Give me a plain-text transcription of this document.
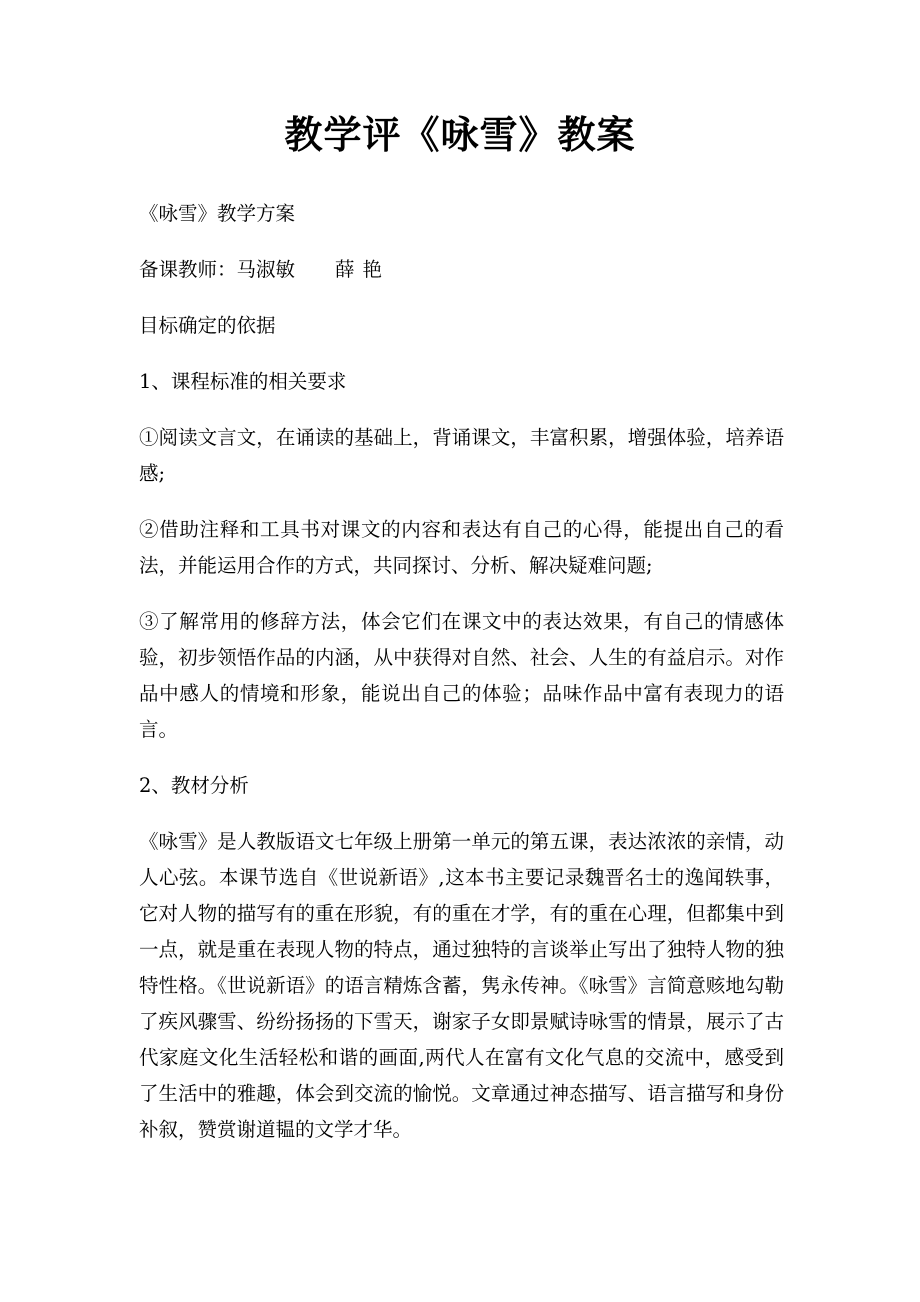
教学评《咏雪》教案

《咏雪》教学方案

备课教师：马淑敏 薛 艳

目标确定的依据

1、课程标准的相关要求

①阅读文言文，在诵读的基础上，背诵课文，丰富积累，增强体验，培养语感;

②借助注释和工具书对课文的内容和表达有自己的心得，能提出自己的看法，并能运用合作的方式，共同探讨、分析、解决疑难问题;

③了解常用的修辞方法，体会它们在课文中的表达效果，有自己的情感体验，初步领悟作品的内涵，从中获得对自然、社会、人生的有益启示。对作品中感人的情境和形象，能说出自己的体验；品味作品中富有表现力的语言。

2、教材分析

《咏雪》是人教版语文七年级上册第一单元的第五课，表达浓浓的亲情，动人心弦。本课节选自《世说新语》,这本书主要记录魏晋名士的逸闻轶事，它对人物的描写有的重在形貌，有的重在才学，有的重在心理，但都集中到一点，就是重在表现人物的特点，通过独特的言谈举止写出了独特人物的独特性格。《世说新语》的语言精炼含蓄，隽永传神。《咏雪》言简意赅地勾勒了疾风骤雪、纷纷扬扬的下雪天，谢家子女即景赋诗咏雪的情景，展示了古代家庭文化生活轻松和谐的画面,两代人在富有文化气息的交流中，感受到了生活中的雅趣，体会到交流的愉悦。文章通过神态描写、语言描写和身份补叙，赞赏谢道韫的文学才华。
